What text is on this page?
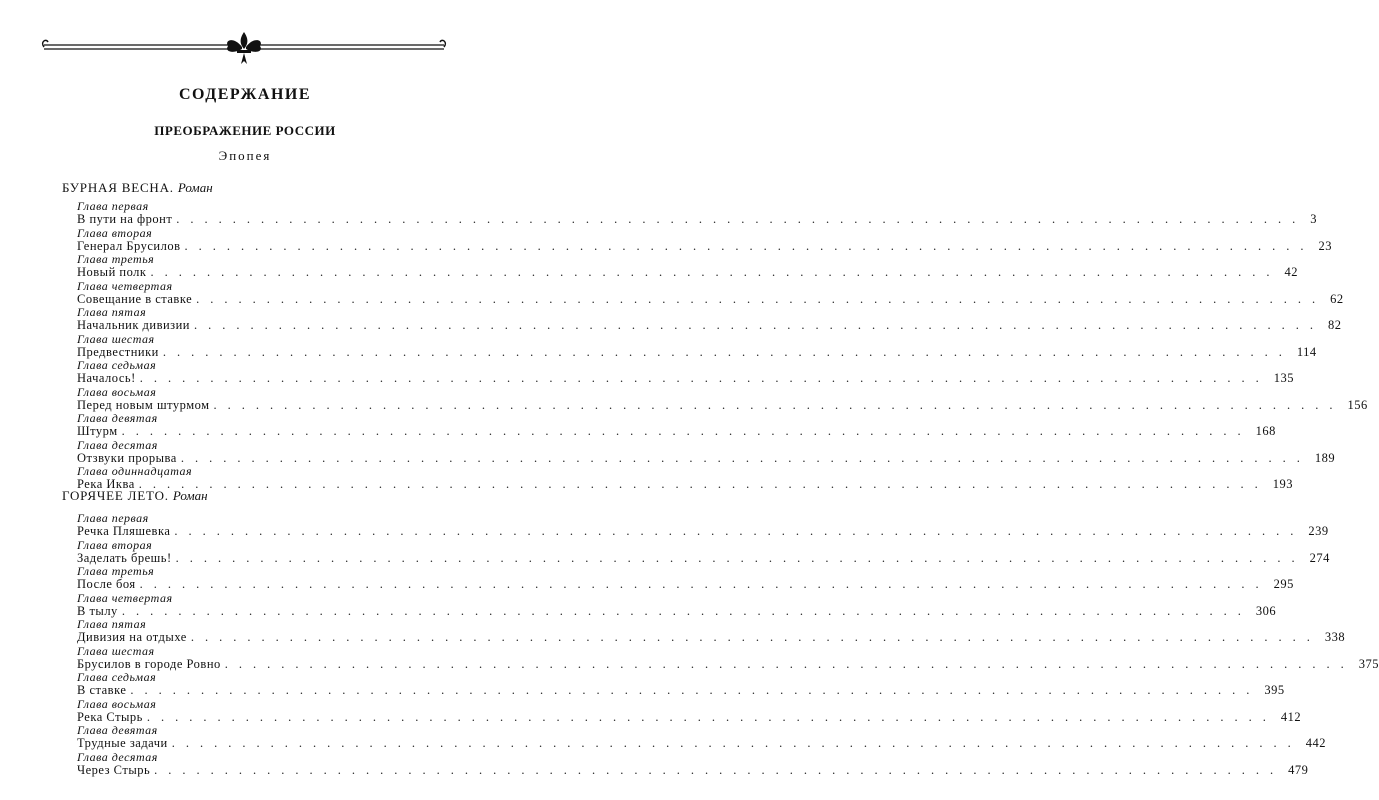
СОДЕРЖАНИЕ
ПРЕОБРАЖЕНИЕ РОССИИ
Эпопея
БУРНАЯ ВЕСНА. Роман
Глава первая
В пути на фронт ................................................................................ 3
Глава вторая
Генерал Брусилов ................................................................................ 23
Глава третья
Новый полк ................................................................................ 42
Глава четвертая
Совещание в ставке ................................................................................ 62
Глава пятая
Начальник дивизии ................................................................................ 82
Глава шестая
Предвестники ................................................................................ 114
Глава седьмая
Началось! ................................................................................ 135
Глава восьмая
Перед новым штурмом ................................................................................ 156
Глава девятая
Штурм ................................................................................ 168
Глава десятая
Отзвуки прорыва ................................................................................ 189
Глава одиннадцатая
Река Иква ................................................................................ 193
ГОРЯЧЕЕ ЛЕТО. Роман
Глава первая
Речка Пляшевка ................................................................................ 239
Глава вторая
Заделать брешь! ................................................................................ 274
Глава третья
После боя ................................................................................ 295
Глава четвертая
В тылу ................................................................................ 306
Глава пятая
Дивизия на отдыхе ................................................................................ 338
Глава шестая
Брусилов в городе Ровно ................................................................................ 375
Глава седьмая
В ставке ................................................................................ 395
Глава восьмая
Река Стырь ................................................................................ 412
Глава девятая
Трудные задачи ................................................................................ 442
Глава десятая
Через Стырь ................................................................................ 479
